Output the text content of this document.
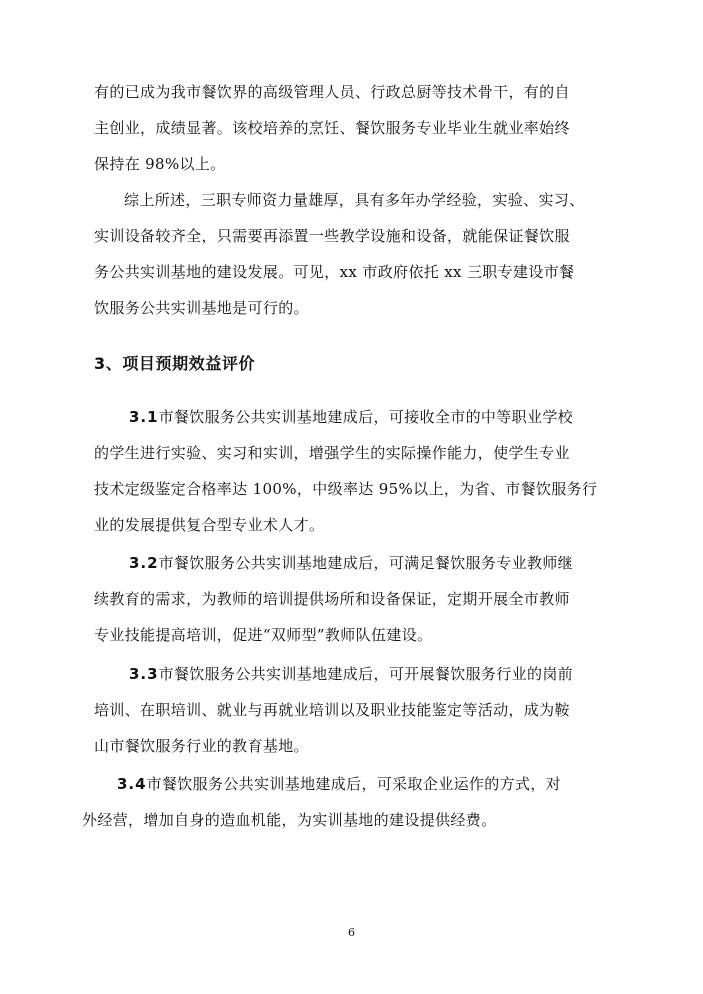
有的已成为我市餐饮界的高级管理人员、行政总厨等技术骨干，有的自
主创业，成绩显著。该校培养的烹饪、餐饮服务专业毕业生就业率始终
保持在 98%以上。
综上所述，三职专师资力量雄厚，具有多年办学经验，实验、实习、
实训设备较齐全，只需要再添置一些教学设施和设备，就能保证餐饮服
务公共实训基地的建设发展。可见，xx 市政府依托 xx 三职专建设市餐
饮服务公共实训基地是可行的。
3、项目预期效益评价
3.1市餐饮服务公共实训基地建成后，可接收全市的中等职业学校
的学生进行实验、实习和实训，增强学生的实际操作能力，使学生专业
技术定级鉴定合格率达 100%，中级率达 95%以上，为省、市餐饮服务行
业的发展提供复合型专业术人才。
3.2市餐饮服务公共实训基地建成后，可满足餐饮服务专业教师继
续教育的需求，为教师的培训提供场所和设备保证，定期开展全市教师
专业技能提高培训，促进“双师型”教师队伍建设。
3.3市餐饮服务公共实训基地建成后，可开展餐饮服务行业的岗前
培训、在职培训、就业与再就业培训以及职业技能鉴定等活动，成为鞍
山市餐饮服务行业的教育基地。
3.4市餐饮服务公共实训基地建成后，可采取企业运作的方式，对
外经营，增加自身的造血机能，为实训基地的建设提供经费。
6
